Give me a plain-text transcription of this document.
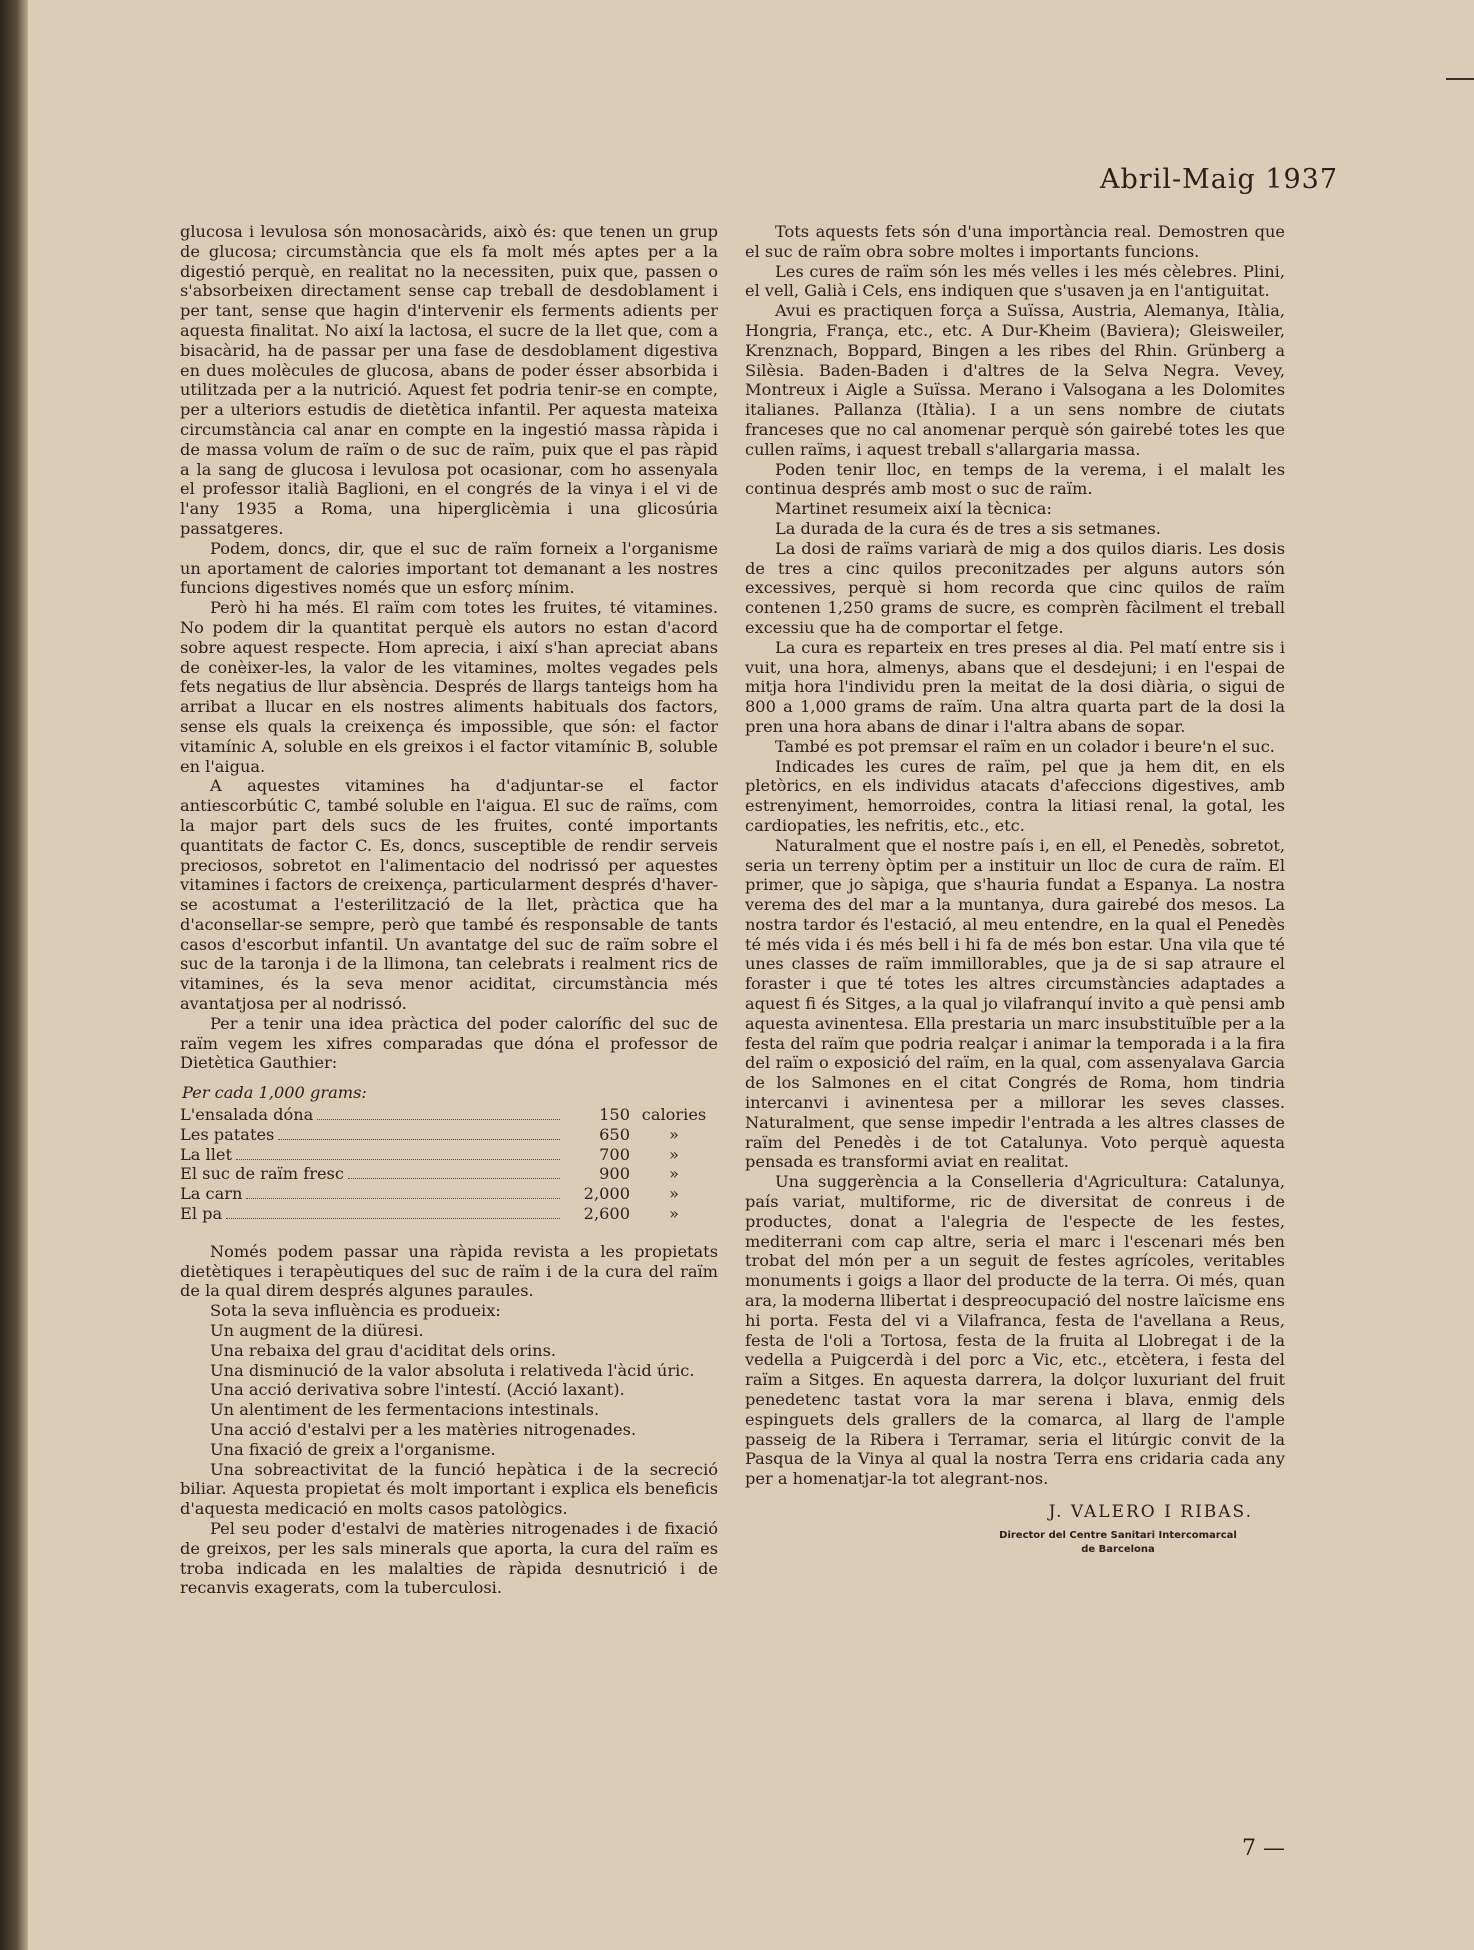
Abril-Maig 1937

glucosa i levulosa són monosacàrids, això és: que tenen un grup de glucosa; circumstància que els fa molt més aptes per a la digestió perquè, en realitat no la necessiten, puix que, passen o s'absorbeixen directament sense cap treball de desdoblament i per tant, sense que hagin d'intervenir els ferments adients per aquesta finalitat. No així la lactosa, el sucre de la llet que, com a bisacàrid, ha de passar per una fase de desdoblament digestiva en dues molècules de glucosa, abans de poder ésser absorbida i utilitzada per a la nutrició. Aquest fet podria tenir-se en compte, per a ulteriors estudis de dietètica infantil. Per aquesta mateixa circumstància cal anar en compte en la ingestió massa ràpida i de massa volum de raïm o de suc de raïm, puix que el pas ràpid a la sang de glucosa i levulosa pot ocasionar, com ho assenyala el professor italià Baglioni, en el congrés de la vinya i el vi de l'any 1935 a Roma, una hiperglicèmia i una glicosúria passatgeres.

Podem, doncs, dir, que el suc de raïm forneix a l'organisme un aportament de calories important tot demanant a les nostres funcions digestives només que un esforç mínim.

Però hi ha més. El raïm com totes les fruites, té vitamines. No podem dir la quantitat perquè els autors no estan d'acord sobre aquest respecte. Hom aprecia, i així s'han apreciat abans de conèixer-les, la valor de les vitamines, moltes vegades pels fets negatius de llur absència. Després de llargs tanteigs hom ha arribat a llucar en els nostres aliments habituals dos factors, sense els quals la creixença és impossible, que són: el factor vitamínic A, soluble en els greixos i el factor vitamínic B, soluble en l'aigua.

A aquestes vitamines ha d'adjuntar-se el factor antiescorbútic C, també soluble en l'aigua. El suc de raïms, com la major part dels sucs de les fruites, conté importants quantitats de factor C. Es, doncs, susceptible de rendir serveis preciosos, sobretot en l'alimentacio del nodrissó per aquestes vitamines i factors de creixença, particularment després d'haver-se acostumat a l'esterilització de la llet, pràctica que ha d'aconsellar-se sempre, però que també és responsable de tants casos d'escorbut infantil. Un avantatge del suc de raïm sobre el suc de la taronja i de la llimona, tan celebrats i realment rics de vitamines, és la seva menor aciditat, circumstància més avantatjosa per al nodrissó.

Per a tenir una idea pràctica del poder calorífic del suc de raïm vegem les xifres comparadas que dóna el professor de Dietètica Gauthier:

Per cada 1,000 grams:
L'ensalada dóna	150 calories
Les patates	650	»
La llet	700	»
El suc de raïm fresc	900	»
La carn	2,000	»
El pa	2,600	»

Només podem passar una ràpida revista a les propietats dietètiques i terapèutiques del suc de raïm i de la cura del raïm de la qual direm després algunes paraules.

Sota la seva influència es produeix:

Un augment de la diüresi.

Una rebaixa del grau d'aciditat dels orins.

Una disminució de la valor absoluta i relativeda l'àcid úric.

Una acció derivativa sobre l'intestí. (Acció laxant).

Un alentiment de les fermentacions intestinals.

Una acció d'estalvi per a les matèries nitrogenades.

Una fixació de greix a l'organisme.

Una sobreactivitat de la funció hepàtica i de la secreció biliar. Aquesta propietat és molt important i explica els beneficis d'aquesta medicació en molts casos patològics.

Pel seu poder d'estalvi de matèries nitrogenades i de fixació de greixos, per les sals minerals que aporta, la cura del raïm es troba indicada en les malalties de ràpida desnutrició i de recanvis exagerats, com la tuberculosi.

Tots aquests fets són d'una importància real. Demostren que el suc de raïm obra sobre moltes i importants funcions.

Les cures de raïm són les més velles i les més cèlebres. Plini, el vell, Galià i Cels, ens indiquen que s'usaven ja en l'antiguitat.

Avui es practiquen força a Suïssa, Austria, Alemanya, Itàlia, Hongria, França, etc., etc. A Dur-Kheim (Baviera); Gleisweiler, Krenznach, Boppard, Bingen a les ribes del Rhin. Grünberg a Silèsia. Baden-Baden i d'altres de la Selva Negra. Vevey, Montreux i Aigle a Suïssa. Merano i Valsogana a les Dolomites italianes. Pallanza (Itàlia). I a un sens nombre de ciutats franceses que no cal anomenar perquè són gairebé totes les que cullen raïms, i aquest treball s'allargaria massa.

Poden tenir lloc, en temps de la verema, i el malalt les continua després amb most o suc de raïm.

Martinet resumeix així la tècnica:

La durada de la cura és de tres a sis setmanes.

La dosi de raïms variarà de mig a dos quilos diaris. Les dosis de tres a cinc quilos preconitzades per alguns autors són excessives, perquè si hom recorda que cinc quilos de raïm contenen 1,250 grams de sucre, es comprèn fàcilment el treball excessiu que ha de comportar el fetge.

La cura es reparteix en tres preses al dia. Pel matí entre sis i vuit, una hora, almenys, abans que el desdejuni; i en l'espai de mitja hora l'individu pren la meitat de la dosi diària, o sigui de 800 a 1,000 grams de raïm. Una altra quarta part de la dosi la pren una hora abans de dinar i l'altra abans de sopar.

També es pot premsar el raïm en un colador i beure'n el suc.

Indicades les cures de raïm, pel que ja hem dit, en els pletòrics, en els individus atacats d'afeccions digestives, amb estrenyiment, hemorroides, contra la litiasi renal, la gotal, les cardiopaties, les nefritis, etc., etc.

Naturalment que el nostre país i, en ell, el Penedès, sobretot, seria un terreny òptim per a instituir un lloc de cura de raïm. El primer, que jo sàpiga, que s'hauria fundat a Espanya. La nostra verema des del mar a la muntanya, dura gairebé dos mesos. La nostra tardor és l'estació, al meu entendre, en la qual el Penedès té més vida i és més bell i hi fa de més bon estar. Una vila que té unes classes de raïm immillorables, que ja de si sap atraure el foraster i que té totes les altres circumstàncies adaptades a aquest fi és Sitges, a la qual jo vilafranquí invito a què pensi amb aquesta avinentesa. Ella prestaria un marc insubstituïble per a la festa del raïm que podria realçar i animar la temporada i a la fira del raïm o exposició del raïm, en la qual, com assenyalava Garcia de los Salmones en el citat Congrés de Roma, hom tindria intercanvi i avinentesa per a millorar les seves classes. Naturalment, que sense impedir l'entrada a les altres classes de raïm del Penedès i de tot Catalunya. Voto perquè aquesta pensada es transformi aviat en realitat.

Una suggerència a la Conselleria d'Agricultura: Catalunya, país variat, multiforme, ric de diversitat de conreus i de productes, donat a l'alegria de l'especte de les festes, mediterrani com cap altre, seria el marc i l'escenari més ben trobat del món per a un seguit de festes agrícoles, veritables monuments i goigs a llaor del producte de la terra. Oi més, quan ara, la moderna llibertat i despreocupació del nostre laïcisme ens hi porta. Festa del vi a Vilafranca, festa de l'avellana a Reus, festa de l'oli a Tortosa, festa de la fruita al Llobregat i de la vedella a Puigcerdà i del porc a Vic, etc., etcètera, i festa del raïm a Sitges. En aquesta darrera, la dolçor luxuriant del fruit penedetenc tastat vora la mar serena i blava, enmig dels espinguets dels grallers de la comarca, al llarg de l'ample passeig de la Ribera i Terramar, seria el litúrgic convit de la Pasqua de la Vinya al qual la nostra Terra ens cridaria cada any per a homenatjar-la tot alegrant-nos.

J. VALERO I RIBAS.
Director del Centre Sanitari Intercomarcal
de Barcelona
7 —
